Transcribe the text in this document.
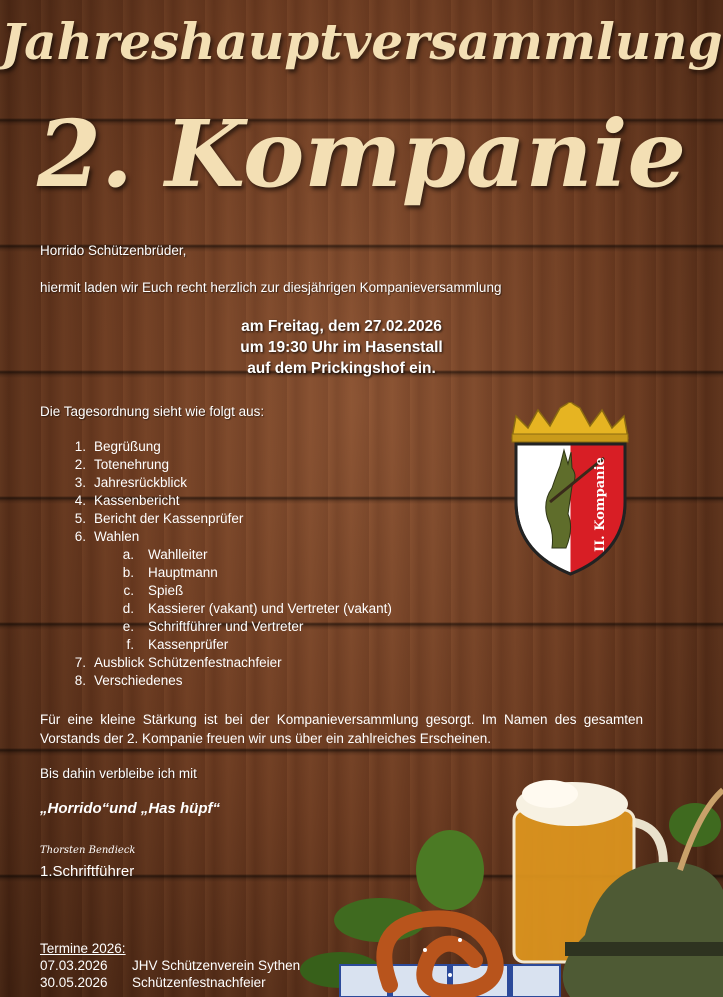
Jahreshauptversammlung
2. Kompanie
Horrido Schützenbrüder,
hiermit laden wir Euch recht herzlich zur diesjährigen Kompanieversammlung
am Freitag, dem 27.02.2026
um 19:30 Uhr im Hasenstall
auf dem Prickingshof ein.
Die Tagesordnung sieht wie folgt aus:
1. Begrüßung
2. Totenehrung
3. Jahresrückblick
4. Kassenbericht
5. Bericht der Kassenprüfer
6. Wahlen
a. Wahlleiter
b. Hauptmann
c. Spieß
d. Kassierer (vakant) und Vertreter (vakant)
e. Schriftführer und Vertreter
f. Kassenprüfer
7. Ausblick Schützenfestnachfeier
8. Verschiedenes
Für eine kleine Stärkung ist bei der Kompanieversammlung gesorgt. Im Namen des gesamten Vorstands der 2. Kompanie freuen wir uns über ein zahlreiches Erscheinen.
Bis dahin verbleibe ich mit
„Horrido“und „Has hüpf“
Thorsten Bendieck
1.Schriftführer
II. Kompanie
Termine 2026:
07.03.2026 JHV Schützenverein Sythen
30.05.2026 Schützenfestnachfeier
